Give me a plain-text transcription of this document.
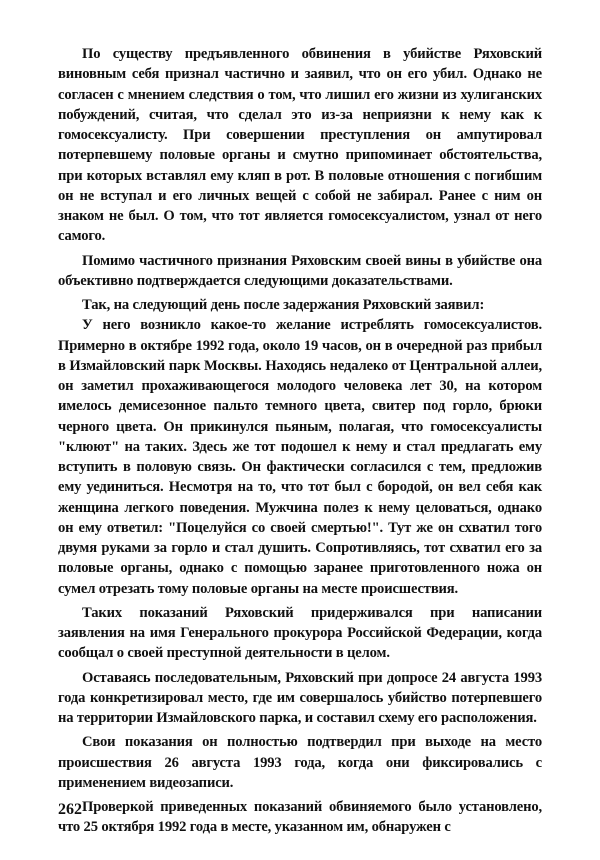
По существу предъявленного обвинения в убийстве Ряховский виновным себя признал частично и заявил, что он его убил. Однако не согласен с мнением следствия о том, что лишил его жизни из хулиганских побуждений, считая, что сделал это из-за неприязни к нему как к гомосексуалисту. При совершении преступления он ампутировал потерпевшему половые органы и смутно припоминает обстоятельства, при которых вставлял ему кляп в рот. В половые отношения с погибшим он не вступал и его личных вещей с собой не забирал. Ранее с ним он знаком не был. О том, что тот является гомосексуалистом, узнал от него самого.

Помимо частичного признания Ряховским своей вины в убийстве она объективно подтверждается следующими доказательствами.

Так, на следующий день после задержания Ряховский заявил:

У него возникло какое-то желание истреблять гомосексуалистов. Примерно в октябре 1992 года, около 19 часов, он в очередной раз прибыл в Измайловский парк Москвы. Находясь недалеко от Центральной аллеи, он заметил прохаживающегося молодого человека лет 30, на котором имелось демисезонное пальто темного цвета, свитер под горло, брюки черного цвета. Он прикинулся пьяным, полагая, что гомосексуалисты "клюют" на таких. Здесь же тот подошел к нему и стал предлагать ему вступить в половую связь. Он фактически согласился с тем, предложив ему уединиться. Несмотря на то, что тот был с бородой, он вел себя как женщина легкого поведения. Мужчина полез к нему целоваться, однако он ему ответил: "Поцелуйся со своей смертью!". Тут же он схватил того двумя руками за горло и стал душить. Сопротивляясь, тот схватил его за половые органы, однако с помощью заранее приготовленного ножа он сумел отрезать тому половые органы на месте происшествия.

Таких показаний Ряховский придерживался при написании заявления на имя Генерального прокурора Российской Федерации, когда сообщал о своей преступной деятельности в целом.

Оставаясь последовательным, Ряховский при допросе 24 августа 1993 года конкретизировал место, где им совершалось убийство потерпевшего на территории Измайловского парка, и составил схему его расположения.

Свои показания он полностью подтвердил при выходе на место происшествия 26 августа 1993 года, когда они фиксировались с применением видеозаписи.

Проверкой приведенных показаний обвиняемого было установлено, что 25 октября 1992 года в месте, указанном им, обнаружен с

262
